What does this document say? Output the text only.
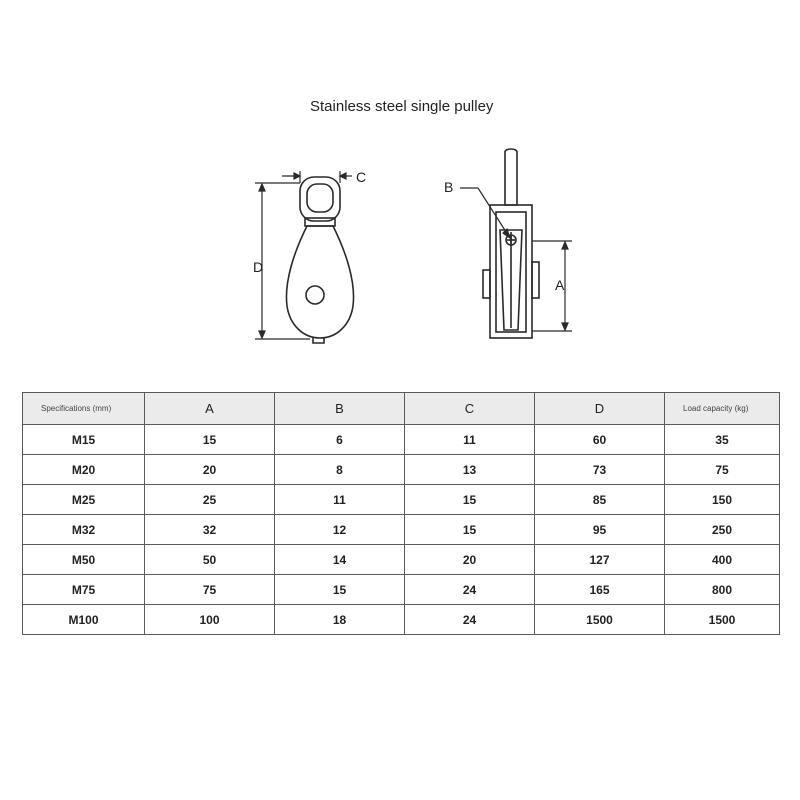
Stainless steel single pulley
C
D
B
A
Specifications (mm)	A	B	C	D	Load capacity (kg)
M15	15	6	11	60	35
M20	20	8	13	73	75
M25	25	11	15	85	150
M32	32	12	15	95	250
M50	50	14	20	127	400
M75	75	15	24	165	800
M100	100	18	24	1500	1500
